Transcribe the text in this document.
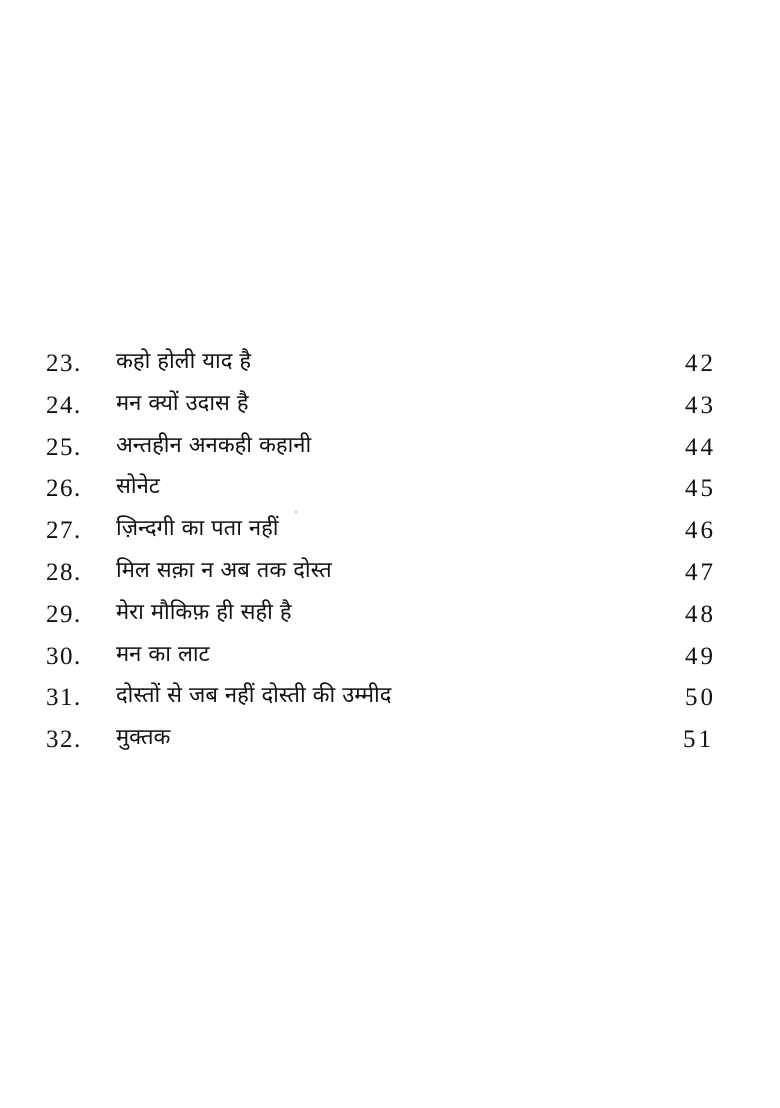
23. कहो होली याद है	42
24. मन क्यों उदास है	43
25. अन्तहीन अनकही कहानी	44
26. सोनेट	45
27. ज़िन्दगी का पता नहीं	46
28. मिल सक़ा न अब तक दोस्त	47
29. मेरा मौकिफ़ ही सही है	48
30. मन का लाट	49
31. दोस्तों से जब नहीं दोस्ती की उम्मीद	50
32. मुक्तक	51
